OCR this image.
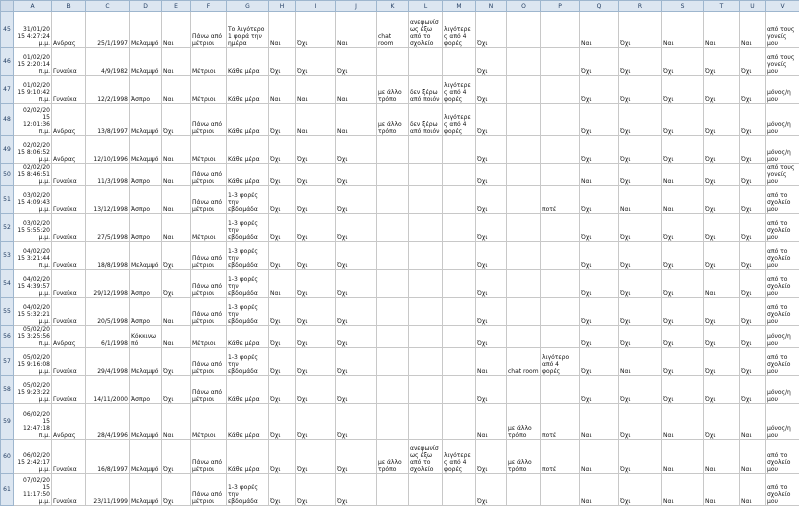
	A	B	C	D	E	F	G	H	I	J	K	L	M	N	O	P	Q	R	S	T	U	V
45	31/01/20 15 4:27:24 μ.μ.	Ανδρας	25/1/1997	Μελαμψό	Ναι	Πάνω από μέτριοι	Το λιγότερο 1 φορά την ημέρα	Ναι	Όχι	Ναι	chat room	ανεφωνίσ ως έξω από το σχολείο	λιγότερες από 4 φορές	Όχι			Ναι	Όχι	Ναι	Ναι	Ναι	από τους γονείς μου
46	01/02/20 15 2:20:14 π.μ.	Γυναίκα	4/9/1982	Μελαμψό	Ναι	Μέτριοι	Κάθε μέρα	Όχι	Όχι	Όχι				Όχι			Όχι	Όχι	Όχι	Όχι	Όχι	από τους γονείς μου
47	01/02/20 15 9:10:42 π.μ.	Γυναίκα	12/2/1998	Άσπρο	Ναι	Μέτριοι	Κάθε μέρα	Ναι	Ναι	Ναι	με άλλο τρόπο	δεν ξέρω από ποιόν	λιγότερες από 4 φορές	Όχι			Όχι	Όχι	Όχι	Όχι	Όχι	μόνος/η μου
48	02/02/20 15 12:01:36 π.μ.	Ανδρας	13/8/1997	Μελαμψό	Όχι	Πάνω από μέτριοι	Κάθε μέρα	Όχι	Ναι	Ναι	με άλλο τρόπο	δεν ξέρω από ποιόν	λιγότερες από 4 φορές	Όχι			Όχι	Όχι	Όχι	Όχι	Όχι	μόνος/η μου
49	02/02/20 15 8:06:52 μ.μ.	Ανδρας	12/10/1996	Μελαμψό	Ναι	Μέτριοι	Κάθε μέρα	Όχι	Όχι	Όχι				Όχι			Όχι	Όχι	Όχι	Όχι	Όχι	μόνος/η μου
50	02/02/20 15 8:46:51 μ.μ.	Γυναίκα	11/3/1998	Άσπρο	Ναι	Πάνω από μέτριοι	Κάθε μέρα	Όχι	Όχι	Όχι				Όχι			Ναι	Όχι	Ναι	Όχι	Όχι	από τους γονείς μου
51	03/02/20 15 4:09:43 μ.μ.	Γυναίκα	13/12/1998	Άσπρο	Ναι	Πάνω από μέτριοι	1-3 φορές την εβδομάδα	Όχι	Όχι	Όχι				Όχι		ποτέ	Όχι	Ναι	Ναι	Όχι	Όχι	από το σχολείο μου
52	03/02/20 15 5:55:20 μ.μ.	Γυναίκα	27/5/1998	Άσπρο	Ναι	Μέτριοι	1-3 φορές την εβδομάδα	Όχι	Όχι	Όχι				Όχι			Όχι	Όχι	Όχι	Όχι	Όχι	από το σχολείο μου
53	04/02/20 15 3:21:44 π.μ.	Γυναίκα	18/8/1998	Μελαμψό	Όχι	Πάνω από μέτριοι	1-3 φορές την εβδομάδα	Όχι	Όχι	Όχι				Όχι			Όχι	Όχι	Όχι	Όχι	Όχι	από το σχολείο μου
54	04/02/20 15 4:39:57 μ.μ.	Γυναίκα	29/12/1998	Άσπρο	Όχι	Πάνω από μέτριοι	1-3 φορές την εβδομάδα	Ναι	Όχι	Όχι				Όχι			Όχι	Όχι	Όχι	Ναι	Όχι	από το σχολείο μου
55	04/02/20 15 5:32:21 μ.μ.	Γυναίκα	20/5/1998	Άσπρο	Ναι	Πάνω από μέτριοι	1-3 φορές την εβδομάδα	Όχι	Όχι	Όχι				Όχι			Όχι	Όχι	Όχι	Όχι	Όχι	από το σχολείο μου
56	05/02/20 15 3:25:56 π.μ.	Ανδρας	6/1/1998	Κόκκινω πό	Ναι	Μέτριοι	Κάθε μέρα	Όχι	Όχι	Όχι				Όχι			Όχι	Όχι	Όχι	Όχι	Όχι	μόνος/η μου
57	05/02/20 15 9:16:08 μ.μ.	Γυναίκα	29/4/1998	Μελαμψό	Όχι	Πάνω από μέτριοι	1-3 φορές την εβδομάδα	Όχι	Όχι	Όχι				Ναι	chat room	λιγότερο από 4 φορές	Όχι	Ναι	Όχι	Όχι	Όχι	από το σχολείο μου
58	05/02/20 15 9:23:22 μ.μ.	Γυναίκα	14/11/2000	Άσπρο	Όχι	Πάνω από μέτριοι	Κάθε μέρα	Όχι	Όχι	Όχι				Όχι			Όχι	Όχι	Όχι	Όχι	Όχι	μόνος/η μου
59	06/02/20 15 12:47:18 π.μ.	Ανδρας	28/4/1996	Μελαμψό	Ναι	Μέτριοι	Κάθε μέρα	Όχι	Όχι	Όχι				Ναι	με άλλο τρόπο	ποτέ	Ναι	Όχι	Ναι	Όχι	Ναι	μόνος/η μου
60	06/02/20 15 2:42:17 μ.μ.	Γυναίκα	16/8/1997	Μελαμψό	Όχι	Πάνω από μέτριοι	Κάθε μέρα	Όχι	Όχι	Όχι	με άλλο τρόπο	ανεφωνίσ ως έξω από το σχολείο	λιγότερες από 4 φορές	Όχι	με άλλο τρόπο	ποτέ	Ναι	Όχι	Ναι	Ναι	Ναι	από το σχολείο μου
61	07/02/20 15 11:17:50 μ.μ.	Γυναίκα	23/11/1999	Μελαμψό	Όχι	Πάνω από μέτριοι	1-3 φορές την εβδομάδα	Όχι	Όχι	Όχι				Όχι			Ναι	Όχι	Ναι	Ναι	Ναι	από το σχολείο μου
